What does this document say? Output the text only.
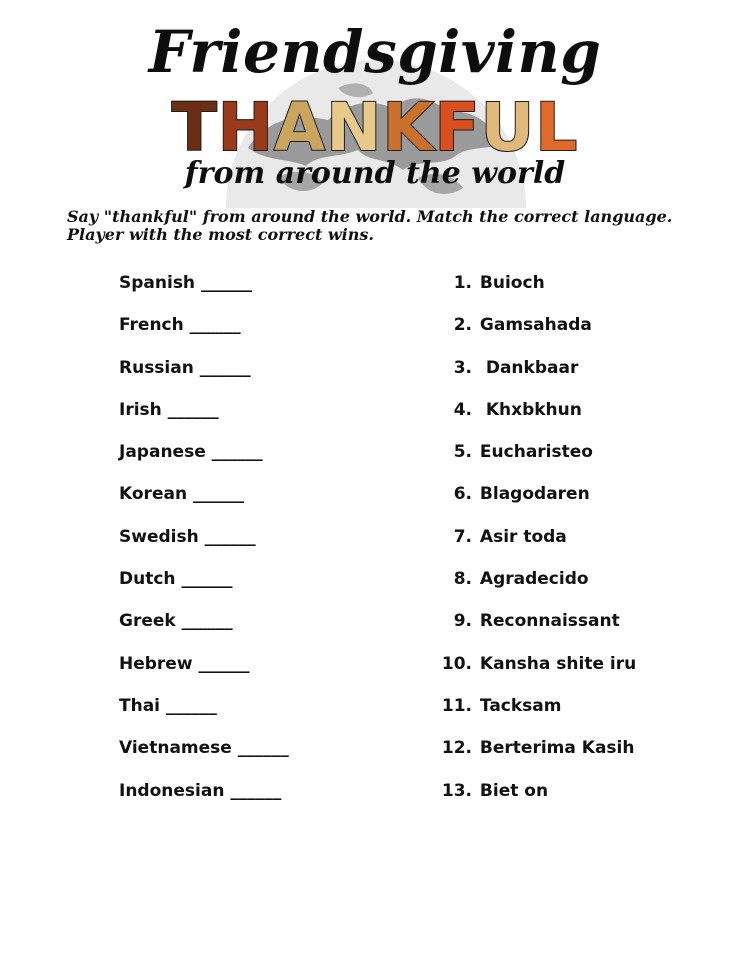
Friendsgiving
THANKFUL
from around the world
Say "thankful" from around the world. Match the correct language. Player with the most correct wins.
Spanish ______
French ______
Russian ______
Irish ______
Japanese ______
Korean ______
Swedish ______
Dutch ______
Greek ______
Hebrew ______
Thai ______
Vietnamese ______
Indonesian ______
1. Buioch
2. Gamsahada
3.  Dankbaar
4.  Khxbkhun
5. Eucharisteo
6. Blagodaren
7. Asir toda
8. Agradecido
9. Reconnaissant
10. Kansha shite iru
11. Tacksam
12. Berterima Kasih
13. Biet on
